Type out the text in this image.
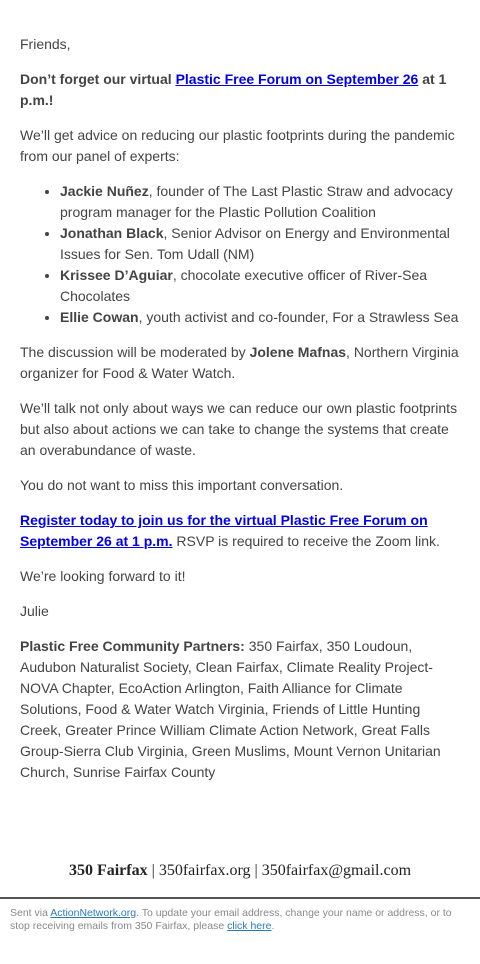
Friends,

Don’t forget our virtual Plastic Free Forum on September 26 at 1 p.m.!

We’ll get advice on reducing our plastic footprints during the pandemic from our panel of experts:

• Jackie Nuñez, founder of The Last Plastic Straw and advocacy program manager for the Plastic Pollution Coalition
• Jonathan Black, Senior Advisor on Energy and Environmental Issues for Sen. Tom Udall (NM)
• Krissee D’Aguiar, chocolate executive officer of River-Sea Chocolates
• Ellie Cowan, youth activist and co-founder, For a Strawless Sea

The discussion will be moderated by Jolene Mafnas, Northern Virginia organizer for Food & Water Watch.

We’ll talk not only about ways we can reduce our own plastic footprints but also about actions we can take to change the systems that create an overabundance of waste.

You do not want to miss this important conversation.

Register today to join us for the virtual Plastic Free Forum on September 26 at 1 p.m. RSVP is required to receive the Zoom link.

We’re looking forward to it!

Julie

Plastic Free Community Partners: 350 Fairfax, 350 Loudoun, Audubon Naturalist Society, Clean Fairfax, Climate Reality Project-NOVA Chapter, EcoAction Arlington, Faith Alliance for Climate Solutions, Food & Water Watch Virginia, Friends of Little Hunting Creek, Greater Prince William Climate Action Network, Great Falls Group-Sierra Club Virginia, Green Muslims, Mount Vernon Unitarian Church, Sunrise Fairfax County

350 Fairfax | 350fairfax.org | 350fairfax@gmail.com
Sent via ActionNetwork.org. To update your email address, change your name or address, or to stop receiving emails from 350 Fairfax, please click here.
